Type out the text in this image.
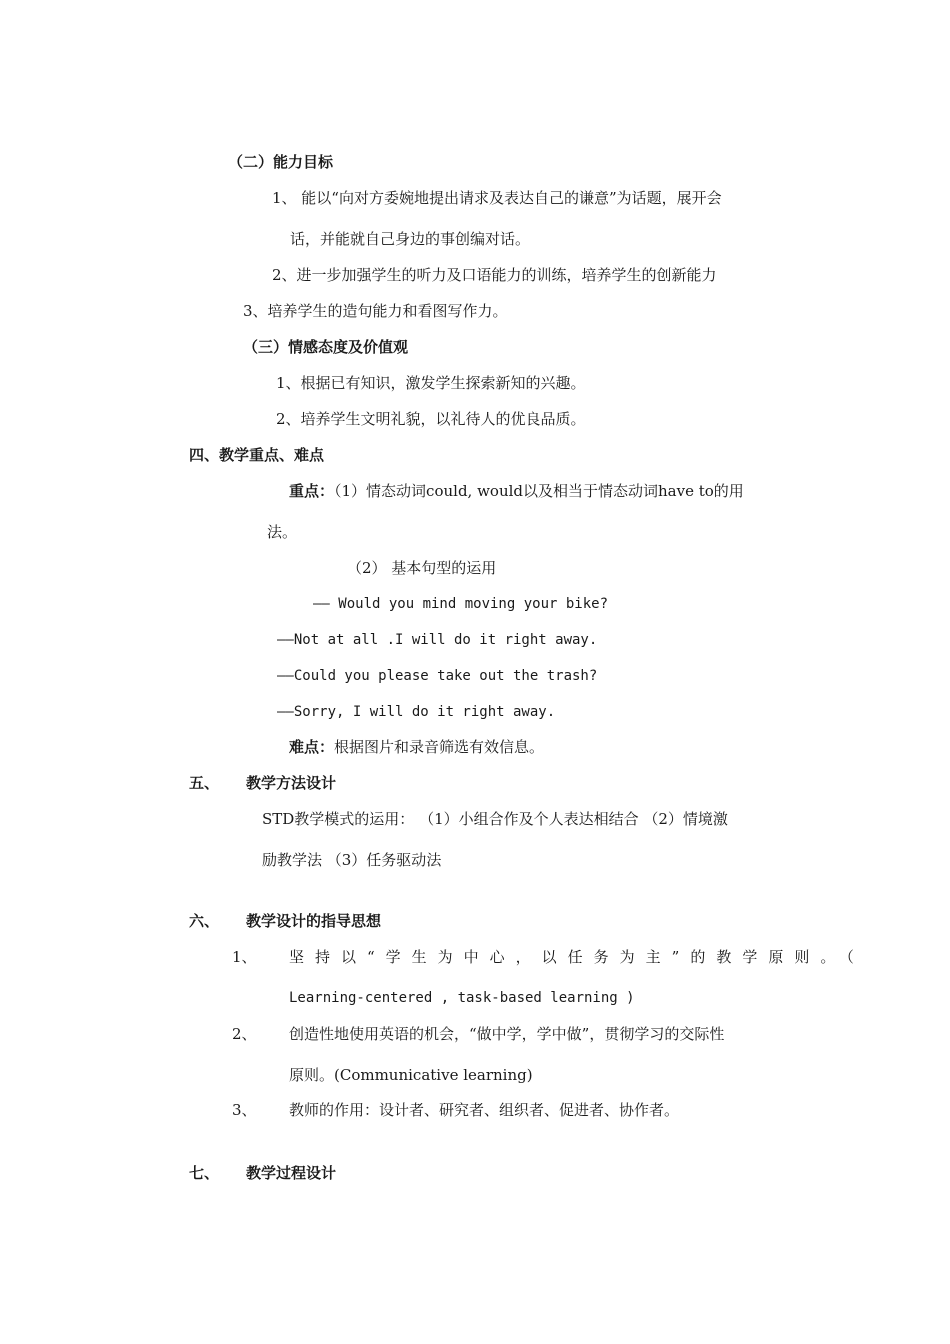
（二）能力目标
1、 能以“向对方委婉地提出请求及表达自己的谦意”为话题，展开会
话，并能就自己身边的事创编对话。
2、进一步加强学生的听力及口语能力的训练，培养学生的创新能力
3、培养学生的造句能力和看图写作力。
（三）情感态度及价值观
1、根据已有知识，激发学生探索新知的兴趣。
2、培养学生文明礼貌，以礼待人的优良品质。
四、教学重点、难点
重点：（1）情态动词could, would以及相当于情态动词have to的用
法。
（2） 基本句型的运用
—— Would you mind moving your bike?
——Not at all .I will do it right away.
——Could you please take out the trash?
——Sorry, I will do it right away.
难点：根据图片和录音筛选有效信息。
五、 教学方法设计
STD教学模式的运用： （1）小组合作及个人表达相结合 （2）情境激
励教学法 （3）任务驱动法
六、 教学设计的指导思想
1、 坚持以“学生为中心，以任务为主”的教学原则。（
Learning-centered , task-based learning )
2、 创造性地使用英语的机会，“做中学，学中做”，贯彻学习的交际性
原则。(Communicative learning)
3、 教师的作用：设计者、研究者、组织者、促进者、协作者。
七、 教学过程设计
